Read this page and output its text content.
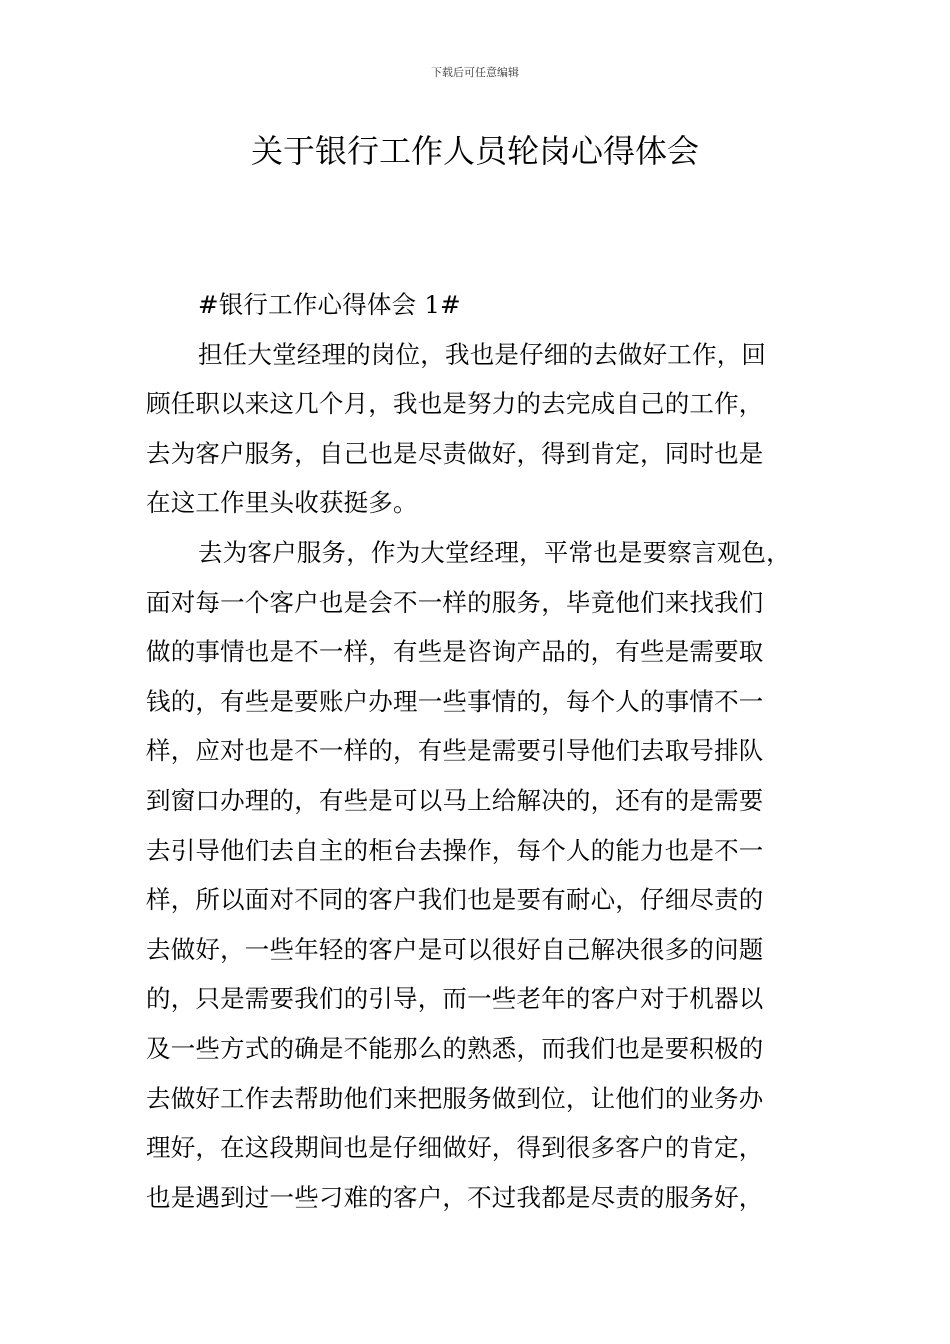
下载后可任意编辑
关于银行工作人员轮岗心得体会
#银行工作心得体会 1#
担任大堂经理的岗位，我也是仔细的去做好工作，回
顾任职以来这几个月，我也是努力的去完成自己的工作，
去为客户服务，自己也是尽责做好，得到肯定，同时也是
在这工作里头收获挺多。
去为客户服务，作为大堂经理，平常也是要察言观色，
面对每一个客户也是会不一样的服务，毕竟他们来找我们
做的事情也是不一样，有些是咨询产品的，有些是需要取
钱的，有些是要账户办理一些事情的，每个人的事情不一
样，应对也是不一样的，有些是需要引导他们去取号排队
到窗口办理的，有些是可以马上给解决的，还有的是需要
去引导他们去自主的柜台去操作，每个人的能力也是不一
样，所以面对不同的客户我们也是要有耐心，仔细尽责的
去做好，一些年轻的客户是可以很好自己解决很多的问题
的，只是需要我们的引导，而一些老年的客户对于机器以
及一些方式的确是不能那么的熟悉，而我们也是要积极的
去做好工作去帮助他们来把服务做到位，让他们的业务办
理好，在这段期间也是仔细做好，得到很多客户的肯定，
也是遇到过一些刁难的客户，不过我都是尽责的服务好，
